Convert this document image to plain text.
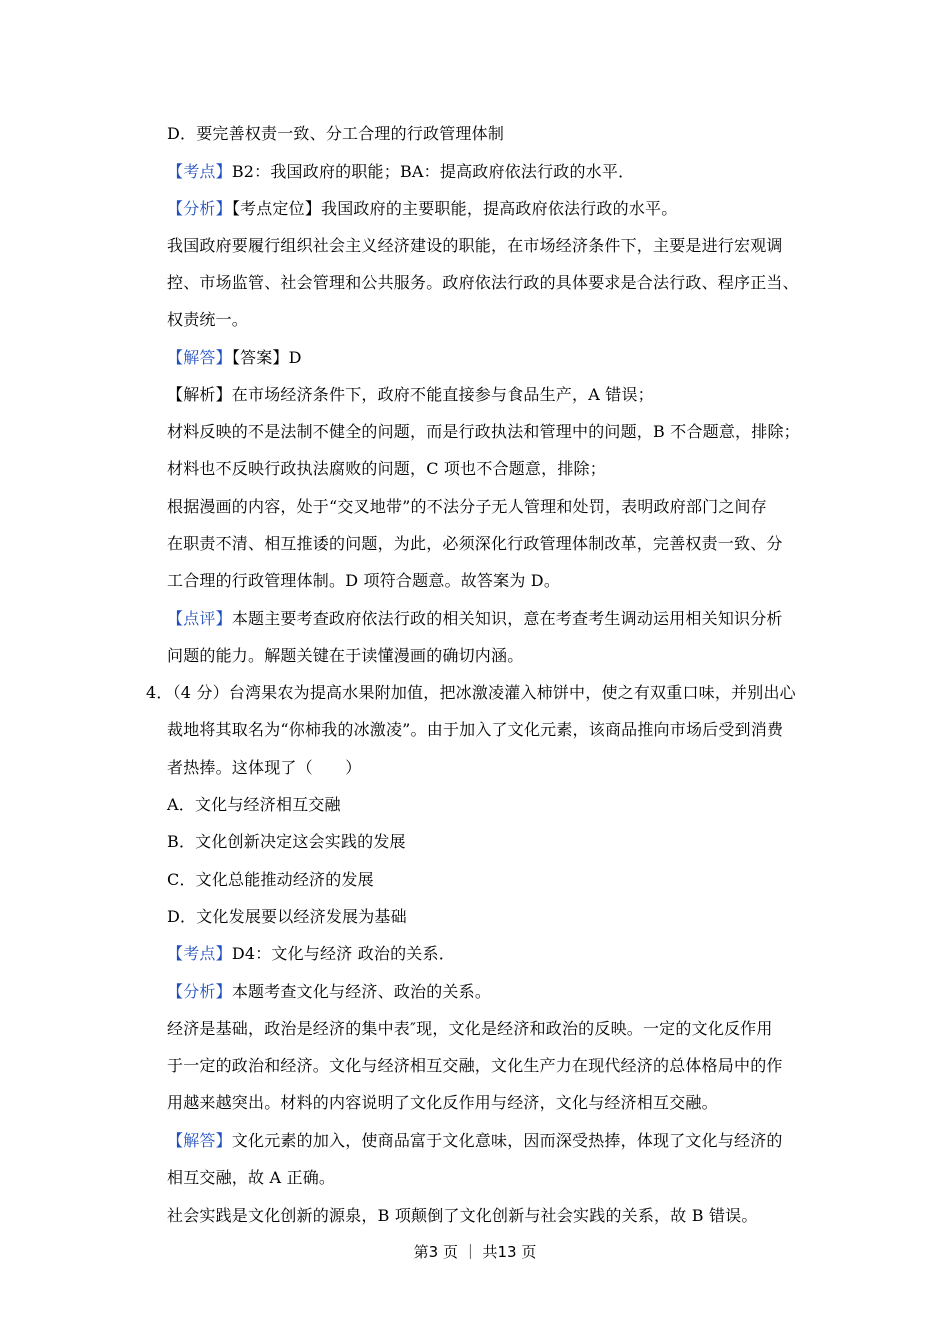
D．要完善权责一致、分工合理的行政管理体制
【考点】B2：我国政府的职能；BA：提高政府依法行政的水平．
【分析】【考点定位】我国政府的主要职能，提高政府依法行政的水平。
我国政府要履行组织社会主义经济建设的职能，在市场经济条件下，主要是进行宏观调
控、市场监管、社会管理和公共服务。政府依法行政的具体要求是合法行政、程序正当、
权责统一。
【解答】【答案】D
【解析】在市场经济条件下，政府不能直接参与食品生产，A 错误；
材料反映的不是法制不健全的问题，而是行政执法和管理中的问题，B 不合题意，排除；
材料也不反映行政执法腐败的问题，C 项也不合题意，排除；
根据漫画的内容，处于“交叉地带”的不法分子无人管理和处罚，表明政府部门之间存
在职责不清、相互推诿的问题，为此，必须深化行政管理体制改革，完善权责一致、分
工合理的行政管理体制。D 项符合题意。故答案为 D。
【点评】本题主要考查政府依法行政的相关知识，意在考查考生调动运用相关知识分析
问题的能力。解题关键在于读懂漫画的确切内涵。
4．（4 分）台湾果农为提高水果附加值，把冰激凌灌入柿饼中，使之有双重口味，并别出心
裁地将其取名为“你柿我的冰激凌”。由于加入了文化元素，该商品推向市场后受到消费
者热捧。这体现了（　　）
A．文化与经济相互交融
B．文化创新决定这会实践的发展
C．文化总能推动经济的发展
D．文化发展要以经济发展为基础
【考点】D4：文化与经济 政治的关系．
【分析】本题考查文化与经济、政治的关系。
经济是基础，政治是经济的集中表″现，文化是经济和政治的反映。一定的文化反作用
于一定的政治和经济。文化与经济相互交融，文化生产力在现代经济的总体格局中的作
用越来越突出。材料的内容说明了文化反作用与经济，文化与经济相互交融。
【解答】文化元素的加入，使商品富于文化意味，因而深受热捧，体现了文化与经济的
相互交融，故 A 正确。
社会实践是文化创新的源泉，B 项颠倒了文化创新与社会实践的关系，故 B 错误。
第3 页 ｜ 共13 页
